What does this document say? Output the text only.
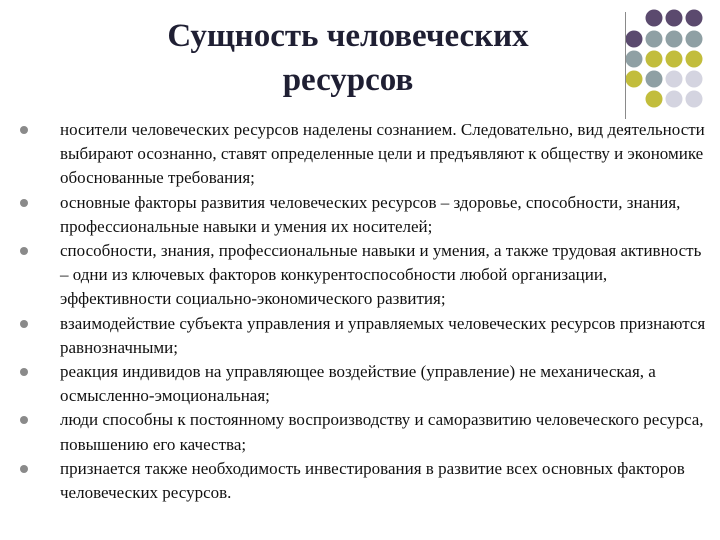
Сущность человеческих
ресурсов
носители человеческих ресурсов наделены сознанием. Следовательно, вид деятельности выбирают осознанно, ставят определенные цели и предъявляют к обществу и экономике обоснованные требования;
основные факторы развития человеческих ресурсов – здоровье, способности, знания, профессиональные навыки и умения их носителей;
способности, знания, профессиональные навыки и умения, а также трудовая активность – одни из ключевых факторов конкурентоспособности любой организации, эффективности социально-экономического развития;
взаимодействие субъекта управления и управляемых человеческих ресурсов признаются равнозначными;
реакция индивидов на управляющее воздействие (управление) не механическая, а осмысленно-эмоциональная;
люди способны к постоянному воспроизводству и саморазвитию человеческого ресурса, повышению его качества;
признается также необходимость инвестирования в развитие всех основных факторов человеческих ресурсов.
